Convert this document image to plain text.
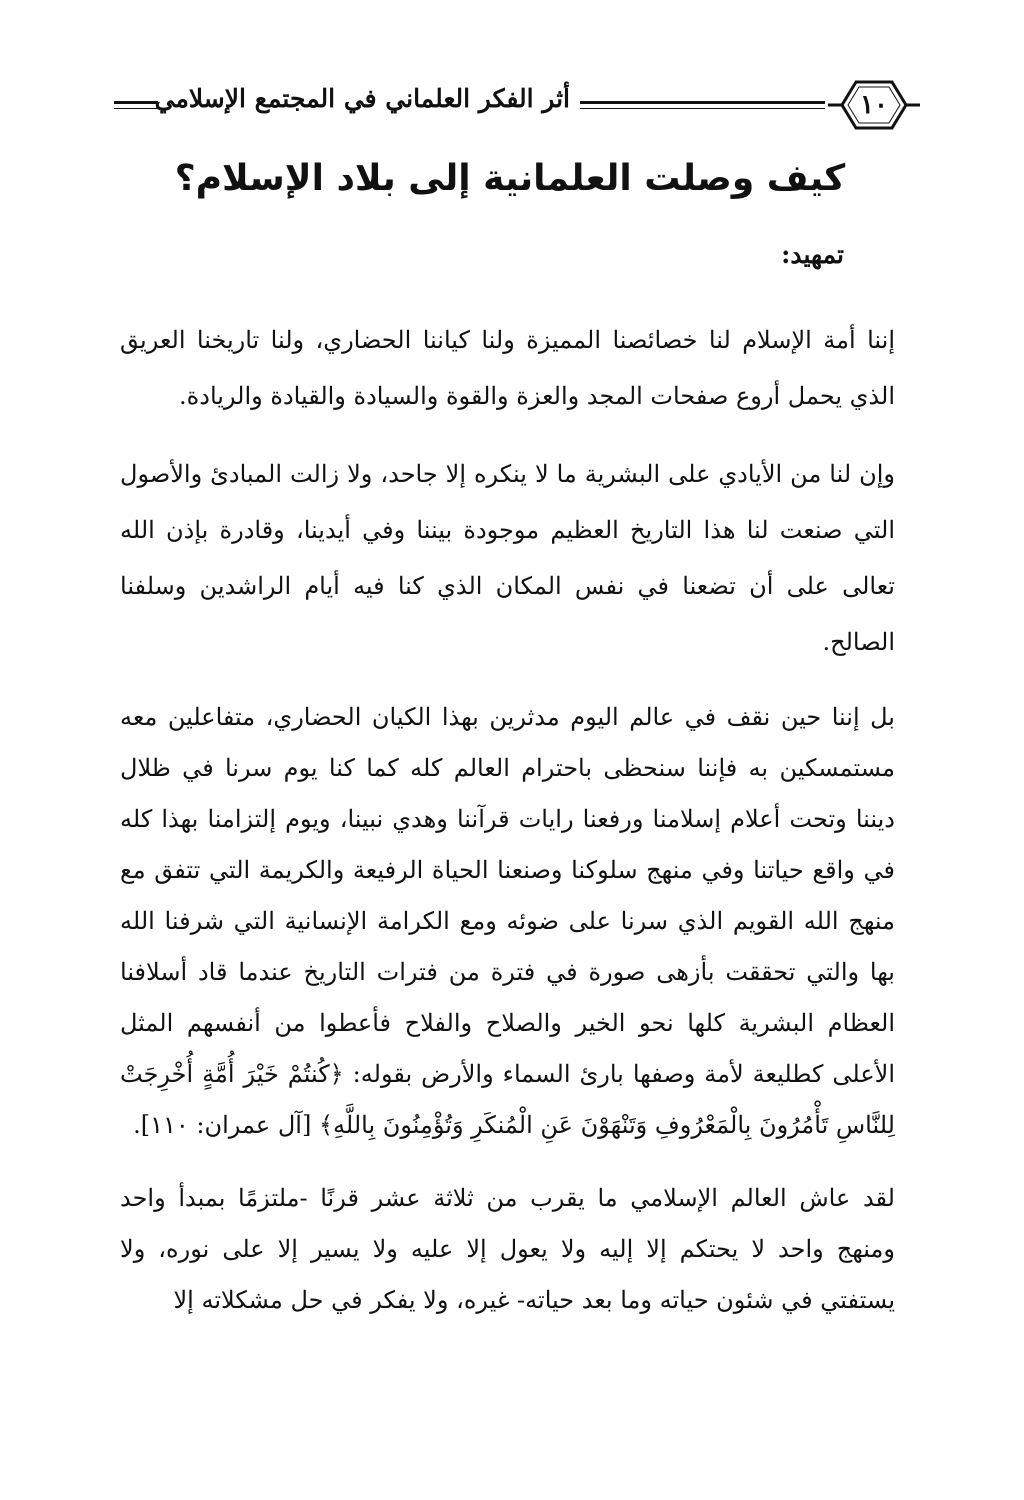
١٠
أثر الفكر العلماني في المجتمع الإسلامي
كيف وصلت العلمانية إلى بلاد الإسلام؟
تمهيد:

إننا أمة الإسلام لنا خصائصنا المميزة ولنا كياننا الحضاري، ولنا تاريخنا العريق الذي يحمل أروع صفحات المجد والعزة والقوة والسيادة والقيادة والريادة.

وإن لنا من الأيادي على البشرية ما لا ينكره إلا جاحد، ولا زالت المبادئ والأصول التي صنعت لنا هذا التاريخ العظيم موجودة بيننا وفي أيدينا، وقادرة بإذن الله تعالى على أن تضعنا في نفس المكان الذي كنا فيه أيام الراشدين وسلفنا الصالح.

بل إننا حين نقف في عالم اليوم مدثرين بهذا الكيان الحضاري، متفاعلين معه مستمسكين به فإننا سنحظى باحترام العالم كله كما كنا يوم سرنا في ظلال ديننا وتحت أعلام إسلامنا ورفعنا رايات قرآننا وهدي نبينا، ويوم إلتزامنا بهذا كله في واقع حياتنا وفي منهج سلوكنا وصنعنا الحياة الرفيعة والكريمة التي تتفق مع منهج الله القويم الذي سرنا على ضوئه ومع الكرامة الإنسانية التي شرفنا الله بها والتي تحققت بأزهى صورة في فترة من فترات التاريخ عندما قاد أسلافنا العظام البشرية كلها نحو الخير والصلاح والفلاح فأعطوا من أنفسهم المثل الأعلى كطليعة لأمة وصفها بارئ السماء والأرض بقوله: ﴿كُنتُمْ خَيْرَ أُمَّةٍ أُخْرِجَتْ لِلنَّاسِ تَأْمُرُونَ بِالْمَعْرُوفِ وَتَنْهَوْنَ عَنِ الْمُنكَرِ وَتُؤْمِنُونَ بِاللَّهِ﴾ [آل عمران: ١١٠].

لقد عاش العالم الإسلامي ما يقرب من ثلاثة عشر قرنًا -ملتزمًا بمبدأ واحد ومنهج واحد لا يحتكم إلا إليه ولا يعول إلا عليه ولا يسير إلا على نوره، ولا يستفتي في شئون حياته وما بعد حياته- غيره، ولا يفكر في حل مشكلاته إلا
